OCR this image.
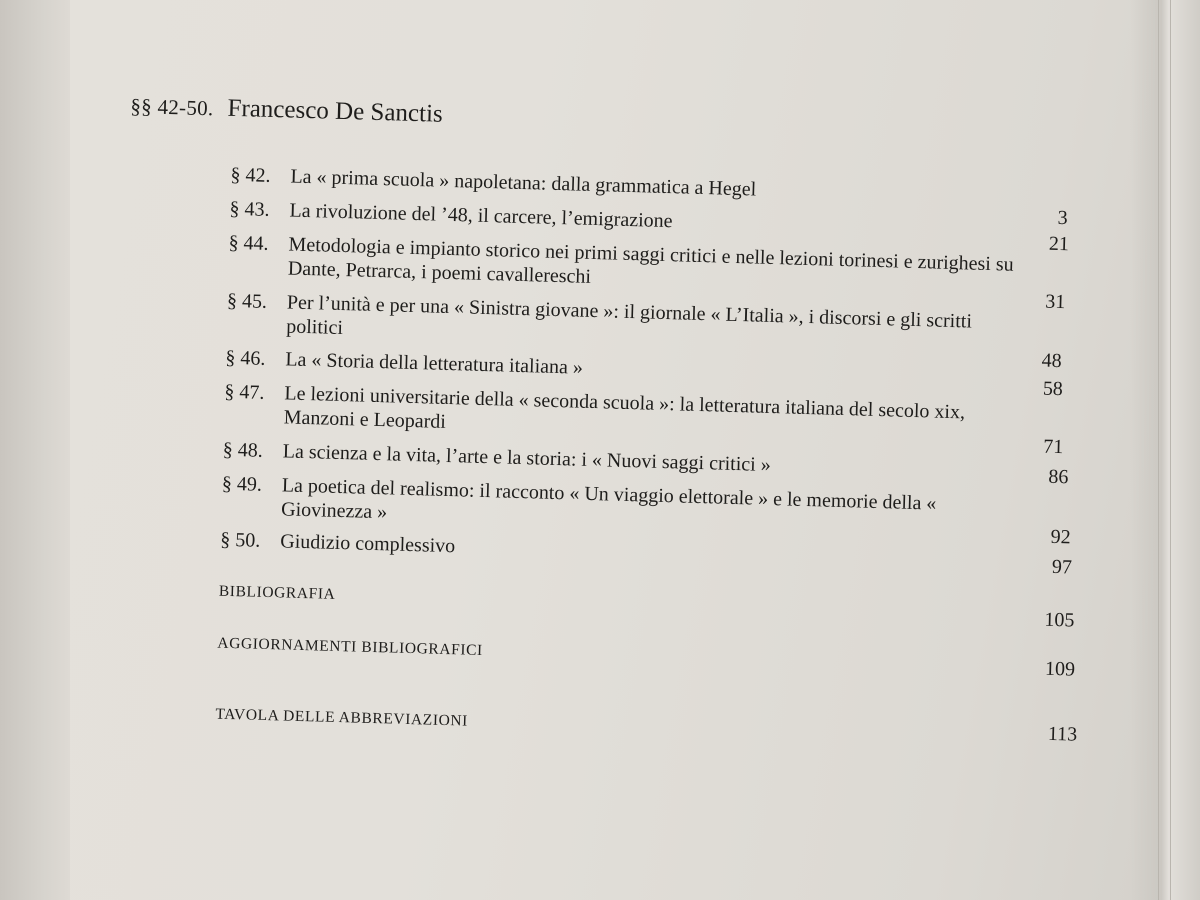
§§ 42-50. Francesco De Sanctis
§ 42. La « prima scuola » napoletana: dalla grammatica a Hegel
3
§ 43. La rivoluzione del ’48, il carcere, l’emigrazione
21
§ 44. Metodologia e impianto storico nei primi saggi critici e nelle lezioni torinesi e zurighesi su Dante, Petrarca, i poemi cavallereschi
31
§ 45. Per l’unità e per una « Sinistra giovane »: il giornale « L’Italia », i discorsi e gli scritti politici
48
§ 46. La « Storia della letteratura italiana »
58
§ 47. Le lezioni universitarie della « seconda scuola »: la letteratura italiana del secolo xix, Manzoni e Leopardi
71
§ 48. La scienza e la vita, l’arte e la storia: i « Nuovi saggi critici »
86
§ 49. La poetica del realismo: il racconto « Un viaggio elettorale » e le memorie della « Giovinezza »
92
§ 50. Giudizio complessivo
97
BIBLIOGRAFIA
105
AGGIORNAMENTI BIBLIOGRAFICI
109
TAVOLA DELLE ABBREVIAZIONI
113
